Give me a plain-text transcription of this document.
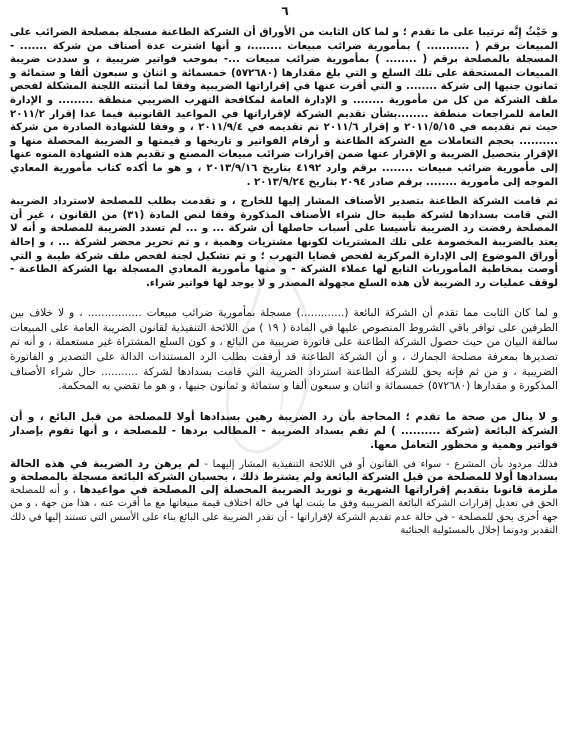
٦

و حَيْثُ إِنَّه ترتيبا على ما تقدم ؛ و لما كان الثابت من الأوراق أن الشركة الطاعنة مسجلة بمصلحة الضرائب على المبيعات برقم ( ........... ) بمأمورية ضرائب مبيعات ........، و أنها اشترت عدة أصناف من شركة ....... - المسجلة بالمصلحة برقم ( ........ ) بمأمورية ضرائب مبيعات ...- بموجب فواتير ضريبية ، و سددت ضريبة المبيعات المستحقة على تلك السلع و التي بلغ مقدارها (٥٧٢٦٨٠) خمسمائة و اثنان و سبعون ألفا و ستمائة و ثمانون جنيها إلى شركة ........ و التي أقرت عنها في إقراراتها الضريبية وفقا لما أثبتته اللجنة المشكلة لفحص ملف الشركة من كل من مأمورية ........ و الإدارة العامة لمكافحة التهرب الضريبي منطقة ......... و الإدارة العامة للمراجعات منطقة ........بشأن تقديم الشركة لإقراراتها في المواعيد القانونية فيما عدا إقرار ٢٠١١/٢ حيث تم تقديمه في ٢٠١١/٥/١٥ و إقرار ٢٠١١/٦ تم تقديمه في ٢٠١١/٩/٤ ، و وفقا للشهادة الصادرة من شركة .......... بحجم التعاملات مع الشركة الطاعنة و أرقام الفواتير و تاريخها و قيمتها و الضريبة المحصلة منها و الإقرار بتحصيل الضريبة و الإقرار عنها ضمن إقرارات ضرائب مبيعات المصنع و تقديم هذه الشهادة المنوه عنها إلى مأمورية ضرائب مبيعات ........ برقم وارد ٤١٩٢ بتاريخ ٢٠١٣/٩/١٦ ، و هو ما أكده كتاب مأمورية المعادي الموجه إلى مأمورية ........ برقم صادر ٢٠٩٤ بتاريخ ٢٠١٣/٩/٢٤ .

ثم قامت الشركة الطاعنة بتصدير الأصناف المشار إليها للخارج ، و تقدمت بطلب للمصلحة لاسترداد الضريبة التي قامت بسدادها لشركة طيبة حال شراء الأصناف المذكورة وفقا لنص المادة (٣١) من القانون ، غير أن المصلحة رفضت رد الضريبة تأسيسا على أسباب حاصلها أن شركة ... و ... لم تسدد الضريبة للمصلحة و أنه لا يعتد بالضريبة المخصومة على تلك المشتريات لكونها مشتريات وهمية ، و تم تحرير محضر لشركة ... ، و إحالة أوراق الموضوع إلى الإدارة المركزية لفحص قضايا التهرب ؛ و تم تشكيل لجنة لفحص ملف شركة طيبة و التي أوصت بمخاطبة المأموريات التابع لها عملاء الشركة - و منها مأمورية المعادي المسجلة بها الشركة الطاعنة - لوقف عمليات رد الضريبة لأن هذه السلع مجهولة المصدر و لا يوجد لها فواتير شراء.

و لما كان الثابت مما تقدم أن الشركة البائعة (.............) مسجلة بمأمورية ضرائب مبيعات ................ ، و لا خلاف بين الطرفين على توافر باقي الشروط المنصوص عليها في المادة ( ١٩ ) من اللائحة التنفيذية لقانون الضريبة العامة على المبيعات سالفة البيان من حيث حصول الشركة الطاعنة على فاتورة ضريبية من البائع ، و كون السلع المشتراة غير مستعملة ، و أنه تم تصديرها بمعرفة مصلحة الجمارك ، و أن الشركة الطاعنة قد أرفقت بطلب الرد المستندات الدالة على التصدير و الفاتورة الضريبية ، و من ثم فإنه يحق للشركة الطاعنة استرداد الضريبة التي قامت بسدادها لشركة ........... حال شراء الأصناف المذكورة و مقدارها (٥٧٢٦٨٠) خمسمائة و اثنان و سبعون ألفا و ستمائة و ثمانون جنيها ، و هو ما تقضي به المحكمة.

و لا ينال من صحة ما تقدم ؛ المحاجة بأن رد الضريبة رهين بسدادها أولا للمصلحة من قبل البائع ، و أن الشركة البائعة (شركة .......... ) لم تقم بسداد الضريبة - المطالب بردها - للمصلحة ، و أنها تقوم بإصدار فواتير وهمية و محظور التعامل معها.

فذلك مردود بأن المشرع - سواء في القانون أو في اللائحة التنفيذية المشار إليهما - لم يرهن رد الضريبة في هذه الحالة بسدادها أولا للمصلحة من قبل الشركة البائعة ولم يشترط ذلك ، بحسبان الشركة البائعة مسجلة بالمصلحة و ملزمة قانونا بتقديم إقراراتها الشهرية و توريد الضريبة المحصلة إلى المصلحة في مواعيدها ، و أنه للمصلحة الحق في تعديل إقرارات الشركة البائعة الضريبية وفق ما يثبت لها في حالة اختلاف قيمة مبيعاتها مع ما أقرت عنه ، هذا من جهة ، و من جهة أخرى يحق للمصلحة - في حالة عدم تقديم الشركة لإقراراتها - أن تقدر الضريبة على البائع بناء على الأسس التي تستند إليها في ذلك التقدير ودونما إخلال بالمسئولية الجنائية
